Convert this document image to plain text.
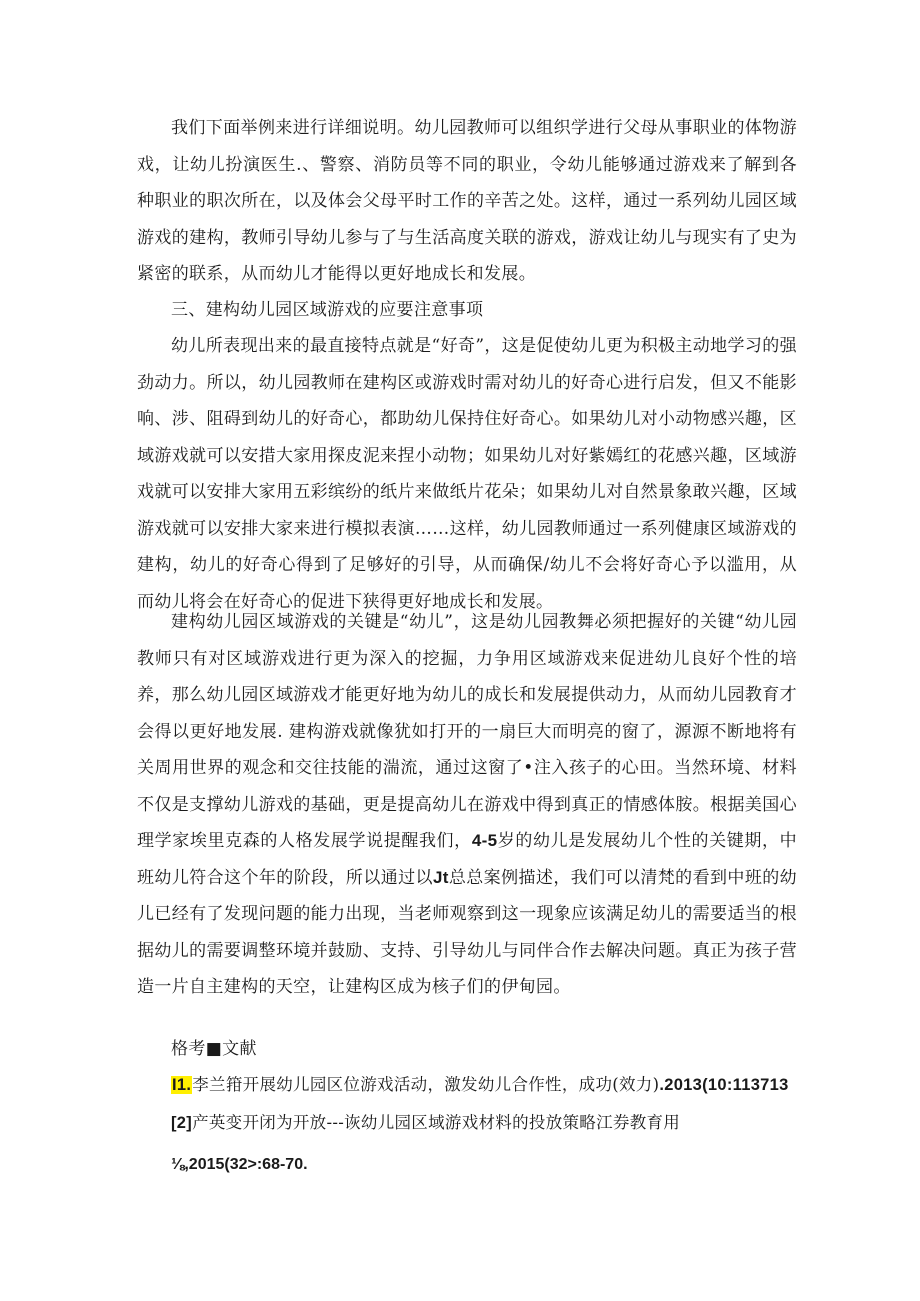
我们下面举例来进行详细说明。幼儿园教师可以组织学进行父母从事职业的体物游戏，让幼儿扮演医生.、警察、消防员等不同的职业，令幼儿能够通过游戏来了解到各种职业的职次所在，以及体会父母平时工作的辛苦之处。这样，通过一系列幼儿园区域游戏的建构，教师引导幼儿参与了与生活高度关联的游戏，游戏让幼儿与现实有了史为紧密的联系，从而幼儿才能得以更好地成长和发展。

三、建构幼儿园区域游戏的应要注意事项

幼儿所表现出来的最直接特点就是“好奇”，这是促使幼儿更为积极主动地学习的强劲动力。所以，幼儿园教师在建构区或游戏时需对幼儿的好奇心进行启发，但又不能影响、涉、阻碍到幼儿的好奇心，都助幼儿保持住好奇心。如果幼儿对小动物感兴趣，区域游戏就可以安措大家用探皮泥来捏小动物；如果幼儿对好紫嫣红的花感兴趣，区域游戏就可以安排大家用五彩缤纷的纸片来做纸片花朵；如果幼儿对自然景象敢兴趣，区域游戏就可以安排大家来进行模拟表演……这样，幼儿园教师通过一系列健康区域游戏的建构，幼儿的好奇心得到了足够好的引导，从而确保/幼儿不会将好奇心予以滥用，从而幼儿将会在好奇心的促进下狭得更好地成长和发展。

建构幼儿园区域游戏的关键是“幼儿”，这是幼儿园教舞必须把握好的关键“幼儿园教师只有对区域游戏进行更为深入的挖掘，力争用区域游戏来促进幼儿良好个性的培养，那么幼儿园区域游戏才能更好地为幼儿的成长和发展提供动力，从而幼儿园教育才会得以更好地发展. 建构游戏就像犹如打开的一扇巨大而明亮的窗了，源源不断地将有关周用世界的观念和交往技能的湍流，通过这窗了•注入孩子的心田。当然环境、材料不仅是支撑幼儿游戏的基础，更是提高幼儿在游戏中得到真正的情感体胺。根据美国心理学家埃里克森的人格发展学说提醒我们，4-5岁的幼儿是发展幼儿个性的关键期，中班幼儿符合这个年的阶段，所以通过以Jt总总案例描述，我们可以清梵的看到中班的幼儿已经有了发现问题的能力出现，当老师观察到这一现象应该满足幼儿的需要适当的根据幼儿的需要调整环境并鼓励、支持、引导幼儿与同伴合作去解决问题。真正为孩子营造一片自主建构的天空，让建构区成为核子们的伊甸园。

格考■文献

I1.李兰箝开展幼儿园区位游戏活动，激发幼儿合作性，成功(效力).2013(10:113713

[2]产英变开闭为开放---诙幼儿园区域游戏材料的投放策略江券教育用

⅛,2015(32>:68-70.
